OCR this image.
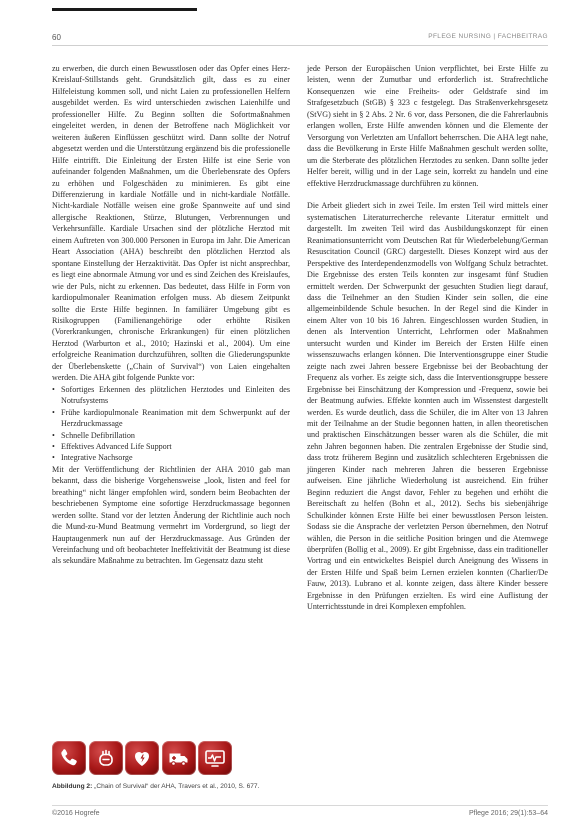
60	PFLEGE NURSING | FACHBEITRAG

zu erwerben, die durch einen Bewusstlosen oder das Opfer eines Herz-Kreislauf-Stillstands geht. Grundsätzlich gilt, dass es zu einer Hilfeleistung kommen soll, und nicht Laien zu professionellen Helfern ausgebildet werden. Es wird unterschieden zwischen Laienhilfe und professioneller Hilfe. Zu Beginn sollten die Sofortmaßnahmen eingeleitet werden, in denen der Betroffene nach Möglichkeit vor weiteren äußeren Einflüssen geschützt wird. Dann sollte der Notruf abgesetzt werden und die Unterstützung ergänzend bis die professionelle Hilfe eintrifft. Die Einleitung der Ersten Hilfe ist eine Serie von aufeinander folgenden Maßnahmen, um die Überlebensrate des Opfers zu erhöhen und Folgeschäden zu minimieren. Es gibt eine Differenzierung in kardiale Notfälle und in nicht-kardiale Notfälle. Nicht-kardiale Notfälle weisen eine große Spannweite auf und sind allergische Reaktionen, Stürze, Blutungen, Verbrennungen und Verkehrsunfälle. Kardiale Ursachen sind der plötzliche Herztod mit einem Auftreten von 300.000 Personen in Europa im Jahr. Die American Heart Association (AHA) beschreibt den plötzlichen Herztod als spontane Einstellung der Herzaktivität. Das Opfer ist nicht ansprechbar, es liegt eine abnormale Atmung vor und es sind Zeichen des Kreislaufes, wie der Puls, nicht zu erkennen. Das bedeutet, dass Hilfe in Form von kardiopulmonaler Reanimation erfolgen muss. Ab diesem Zeitpunkt sollte die Erste Hilfe beginnen. In familiärer Umgebung gibt es Risikogruppen (Familienangehörige oder erhöhte Risiken (Vorerkrankungen, chronische Erkrankungen) für einen plötzlichen Herztod (Warburton et al., 2010; Hazinski et al., 2004). Um eine erfolgreiche Reanimation durchzuführen, sollten die Gliederungspunkte der Überlebenskette („Chain of Survival“) von Laien eingehalten werden. Die AHA gibt folgende Punkte vor:

• Sofortiges Erkennen des plötzlichen Herztodes und Einleiten des Notrufsystems
• Frühe kardiopulmonale Reanimation mit dem Schwerpunkt auf der Herzdruckmassage
• Schnelle Defibrillation
• Effektives Advanced Life Support
• Integrative Nachsorge

Mit der Veröffentlichung der Richtlinien der AHA 2010 gab man bekannt, dass die bisherige Vorgehensweise „look, listen and feel for breathing“ nicht länger empfohlen wird, sondern beim Beobachten der beschriebenen Symptome eine sofortige Herzdruckmassage begonnen werden sollte. Stand vor der letzten Änderung der Richtlinie auch noch die Mund-zu-Mund Beatmung vermehrt im Vordergrund, so liegt der Hauptaugenmerk nun auf der Herzdruckmassage. Aus Gründen der Vereinfachung und oft beobachteter Ineffektivität der Beatmung ist diese als sekundäre Maßnahme zu betrachten. Im Gegensatz dazu steht

jede Person der Europäischen Union verpflichtet, bei Erste Hilfe zu leisten, wenn der Zumutbar und erforderlich ist. Strafrechtliche Konsequenzen wie eine Freiheits- oder Geldstrafe sind im Strafgesetzbuch (StGB) § 323 c festgelegt. Das Straßenverkehrsgesetz (StVG) sieht in § 2 Abs. 2 Nr. 6 vor, dass Personen, die die Fahrerlaubnis erlangen wollen, Erste Hilfe anwenden können und die Elemente der Versorgung von Verletzten am Unfallort beherrschen. Die AHA legt nahe, dass die Bevölkerung in Erste Hilfe Maßnahmen geschult werden sollte, um die Sterberate des plötzlichen Herztodes zu senken. Dann sollte jeder Helfer bereit, willig und in der Lage sein, korrekt zu handeln und eine effektive Herzdruckmassage durchführen zu können.

Die Arbeit gliedert sich in zwei Teile. Im ersten Teil wird mittels einer systematischen Literaturrecherche relevante Literatur ermittelt und dargestellt. Im zweiten Teil wird das Ausbildungskonzept für einen Reanimationsunterricht vom Deutschen Rat für Wiederbelebung/German Resuscitation Council (GRC) dargestellt. Dieses Konzept wird aus der Perspektive des Interdependenzmodells von Wolfgang Schulz betrachtet. Die Ergebnisse des ersten Teils konnten zur insgesamt fünf Studien ermittelt werden. Der Schwerpunkt der gesuchten Studien liegt darauf, dass die Teilnehmer an den Studien Kinder sein sollen, die eine allgemeinbildende Schule besuchen. In der Regel sind die Kinder in einem Alter von 10 bis 16 Jahren. Eingeschlossen wurden Studien, in denen als Intervention Unterricht, Lehrformen oder Maßnahmen untersucht wurden und Kinder im Bereich der Ersten Hilfe einen wissenszuwachs erlangen können. Die Interventionsgruppe einer Studie zeigte nach zwei Jahren bessere Ergebnisse bei der Beobachtung der Frequenz als vorher. Es zeigte sich, dass die Interventionsgruppe bessere Ergebnisse bei Einschätzung der Kompression und -Frequenz, sowie bei der Beatmung aufwies. Effekte konnten auch im Wissenstest dargestellt werden. Es wurde deutlich, dass die Schüler, die im Alter von 13 Jahren mit der Teilnahme an der Studie begonnen hatten, in allen theoretischen und praktischen Einschätzungen besser waren als die Schüler, die mit zehn Jahren begonnen haben. Die zentralen Ergebnisse der Studie sind, dass trotz früherem Beginn und zusätzlich schlechteren Ergebnissen die jüngeren Kinder nach mehreren Jahren die besseren Ergebnisse aufweisen. Eine jährliche Wiederholung ist ausreichend. Ein früher Beginn reduziert die Angst davor, Fehler zu begehen und erhöht die Bereitschaft zu helfen (Bohn et al., 2012). Sechs bis siebenjährige Schulkinder können Erste Hilfe bei einer bewusstlosen Person leisten. Sodass sie die Ansprache der verletzten Person übernehmen, den Notruf wählen, die Person in die seitliche Position bringen und die Atemwege überprüfen (Bollig et al., 2009). Er gibt Ergebnisse, dass ein traditioneller Vortrag und ein entwickeltes Beispiel durch Aneignung des Wissens in der Ersten Hilfe und Spaß beim Lernen erzielen konnten (Charlier/De Fauw, 2013). Lubrano et al. konnte zeigen, dass ältere Kinder bessere Ergebnisse in den Prüfungen erzielten. Es wird eine Auflistung der Unterrichtsstunde in drei Komplexen empfohlen.

Abbildung 2: „Chain of Survival“ der AHA, Travers et al., 2010, S. 677.
©2016 Hogrefe	Pflege 2016; 29(1):53–64
